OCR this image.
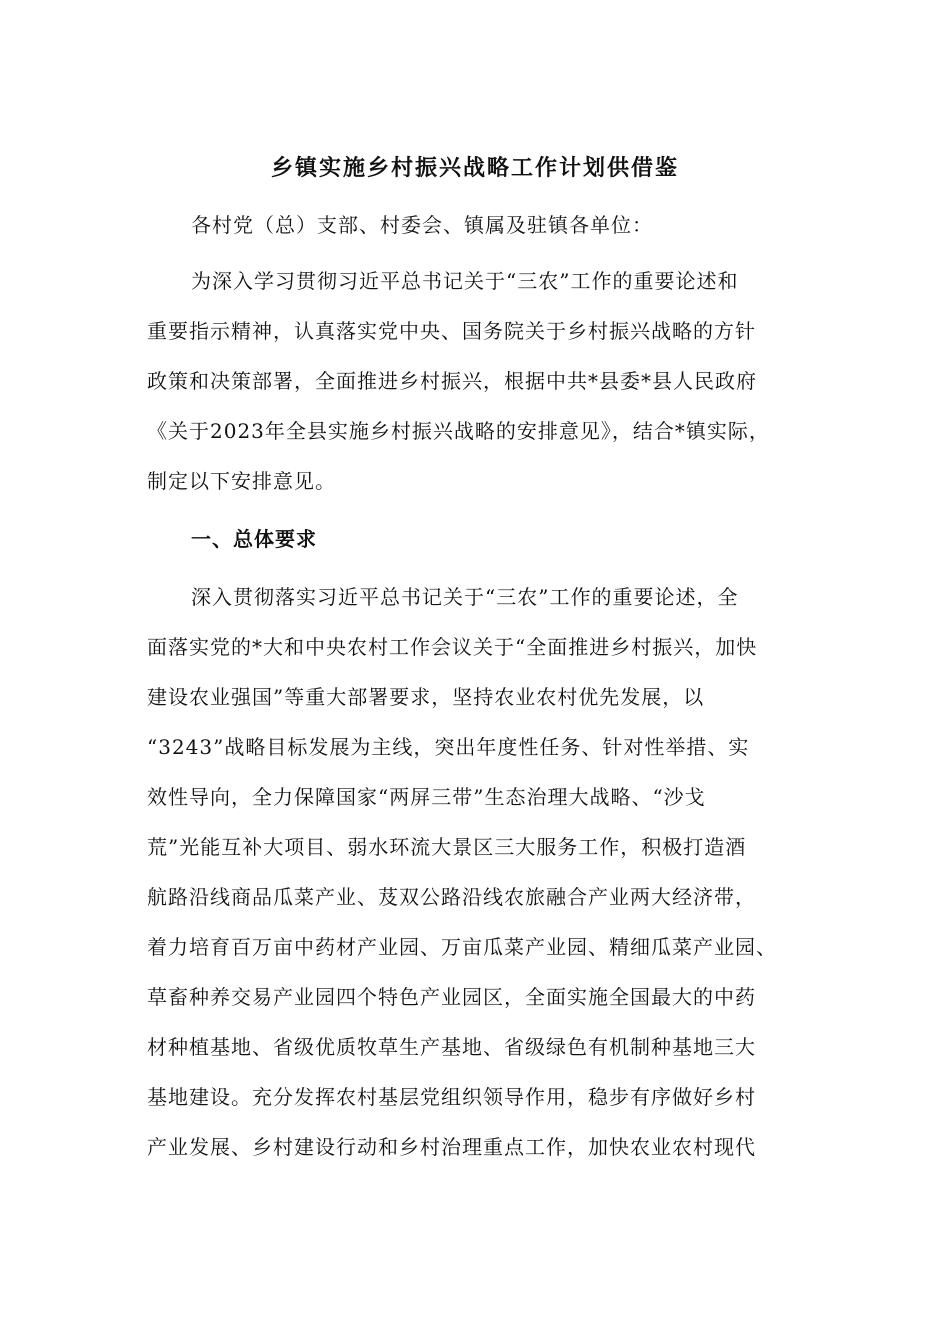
乡镇实施乡村振兴战略工作计划供借鉴
各村党（总）支部、村委会、镇属及驻镇各单位：
为深入学习贯彻习近平总书记关于“三农”工作的重要论述和
重要指示精神，认真落实党中央、国务院关于乡村振兴战略的方针
政策和决策部署，全面推进乡村振兴，根据中共*县委*县人民政府
《关于2023年全县实施乡村振兴战略的安排意见》，结合*镇实际，
制定以下安排意见。
一、总体要求
深入贯彻落实习近平总书记关于“三农”工作的重要论述，全
面落实党的*大和中央农村工作会议关于“全面推进乡村振兴，加快
建设农业强国”等重大部署要求，坚持农业农村优先发展，以
“3243”战略目标发展为主线，突出年度性任务、针对性举措、实
效性导向，全力保障国家“两屏三带”生态治理大战略、“沙戈
荒”光能互补大项目、弱水环流大景区三大服务工作，积极打造酒
航路沿线商品瓜菜产业、芨双公路沿线农旅融合产业两大经济带，
着力培育百万亩中药材产业园、万亩瓜菜产业园、精细瓜菜产业园、
草畜种养交易产业园四个特色产业园区，全面实施全国最大的中药
材种植基地、省级优质牧草生产基地、省级绿色有机制种基地三大
基地建设。充分发挥农村基层党组织领导作用，稳步有序做好乡村
产业发展、乡村建设行动和乡村治理重点工作，加快农业农村现代
